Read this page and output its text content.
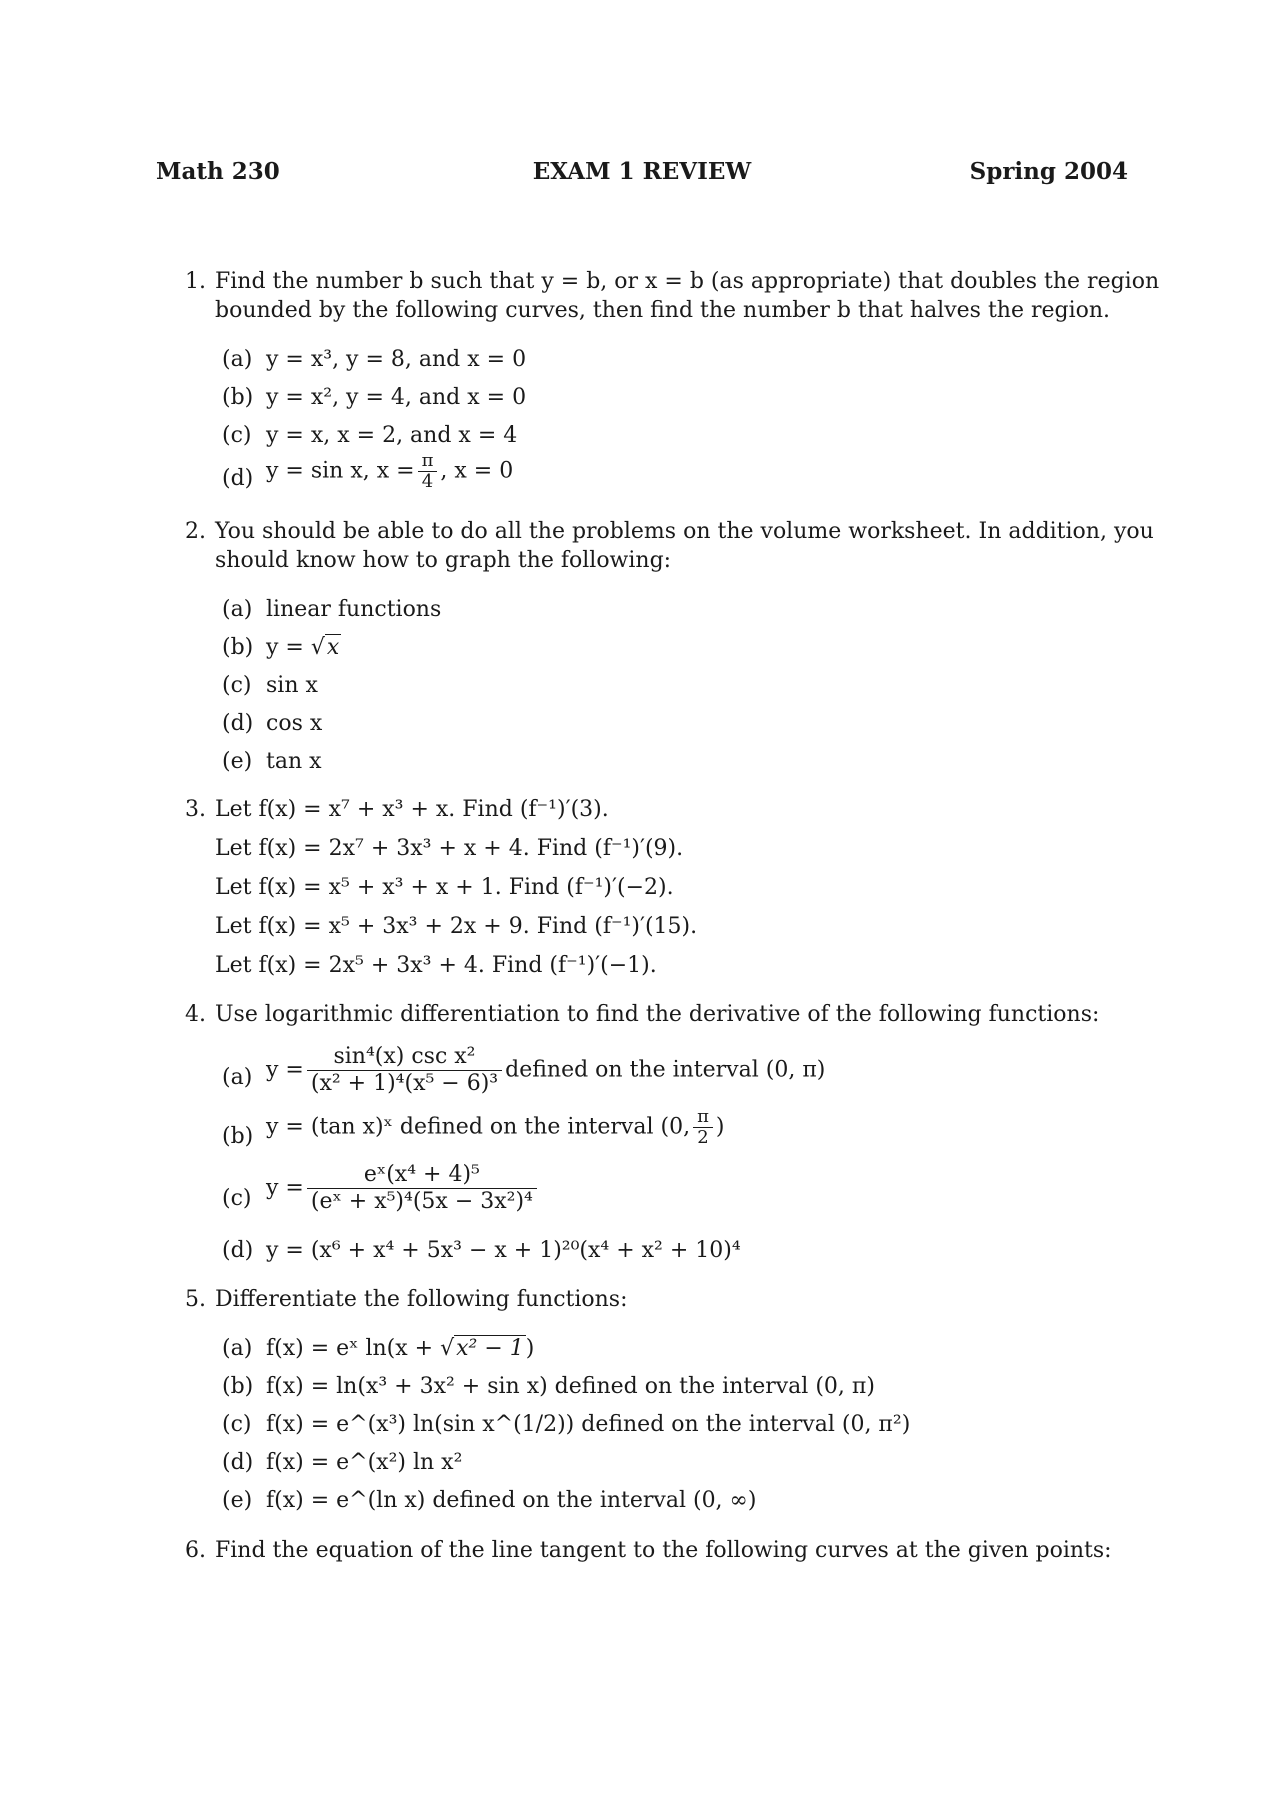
Math 230	EXAM 1 REVIEW	Spring 2004
1. Find the number b such that y = b, or x = b (as appropriate) that doubles the region
bounded by the following curves, then find the number b that halves the region.
(a) y = x³, y = 8, and x = 0
(b) y = x², y = 4, and x = 0
(c) y = x, x = 2, and x = 4
(d) y = sin x, $x = \frac{\pi}{4}$ , x = 0
2. You should be able to do all the problems on the volume worksheet. In addition, you
should know how to graph the following:
(a) linear functions
(b) y = √x
(c) sin x
(d) cos x
(e) tan x
3. Let f(x) = x⁷ + x³ + x. Find (f⁻¹)′(3).
Let f(x) = 2x⁷ + 3x³ + x + 4. Find (f⁻¹)′(9).
Let f(x) = x⁵ + x³ + x + 1. Find (f⁻¹)′(−2).
Let f(x) = x⁵ + 3x³ + 2x + 9. Find (f⁻¹)′(15).
Let f(x) = 2x⁵ + 3x³ + 4. Find (f⁻¹)′(−1).
4. Use logarithmic differentiation to find the derivative of the following functions:
(a) $y = \frac{\text{sin⁴(x) csc x²}}{\text{(x² + 1)⁴(x⁵ − 6)³}}$ defined on the interval (0, π)
(b) y = (tan x)ˣ defined on the interval (0, $\frac{\pi}{2}$ )
(c) $y = \frac{\text{eˣ(x⁴ + 4)⁵}}{\text{(eˣ + x⁵)⁴(5x − 3x²)⁴}}$
(d) y = (x⁶ + x⁴ + 5x³ − x + 1)²⁰(x⁴ + x² + 10)⁴
5. Differentiate the following functions:
(a) f(x) = eˣ ln(x + √x² − 1)
(b) f(x) = ln(x³ + 3x² + sin x) defined on the interval (0, π)
(c) f(x) = e^(x³) ln(sin x^(1/2)) defined on the interval (0, π²)
(d) f(x) = e^(x²) ln x²
(e) f(x) = e^(ln x) defined on the interval (0, ∞)
6. Find the equation of the line tangent to the following curves at the given points:
